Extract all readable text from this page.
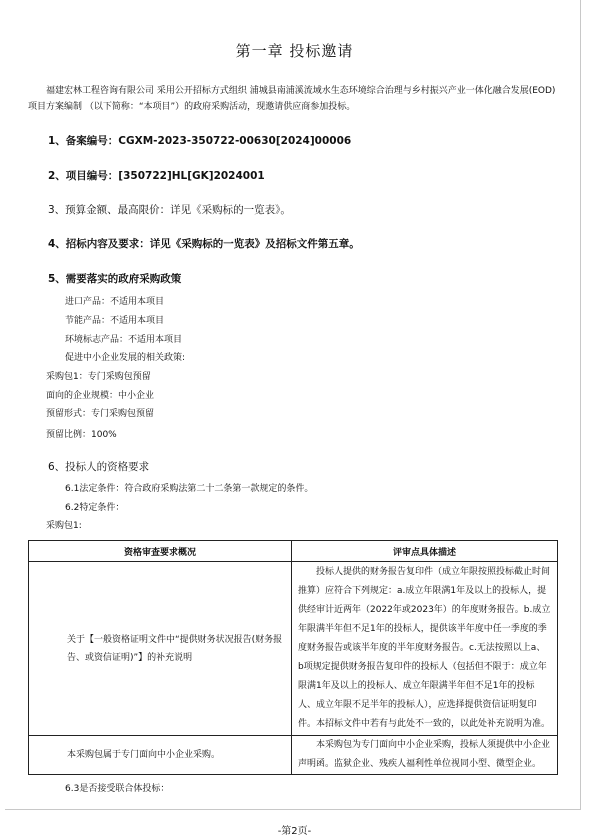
第一章 投标邀请
福建宏林工程咨询有限公司 采用公开招标方式组织 浦城县南浦溪流域水生态环境综合治理与乡村振兴产业一体化融合发展(EOD)项目方案编制 （以下简称：“本项目”）的政府采购活动，现邀请供应商参加投标。
1、备案编号：CGXM-2023-350722-00630[2024]00006
2、项目编号：[350722]HL[GK]2024001
3、预算金额、最高限价：详见《采购标的一览表》。
4、招标内容及要求：详见《采购标的一览表》及招标文件第五章。
5、需要落实的政府采购政策
进口产品：不适用本项目
节能产品：不适用本项目
环境标志产品：不适用本项目
促进中小企业发展的相关政策:
采购包1：专门采购包预留
面向的企业规模：中小企业
预留形式：专门采购包预留
预留比例：100%
6、投标人的资格要求
6.1法定条件：符合政府采购法第二十二条第一款规定的条件。
6.2特定条件：
采购包1:
资格审查要求概况	评审点具体描述
关于【一般资格证明文件中“提供财务状况报告(财务报告、或资信证明)”】的补充说明	投标人提供的财务报告复印件（成立年限按照投标截止时间推算）应符合下列规定：a.成立年限满1年及以上的投标人，提供经审计近两年（2022年或2023年）的年度财务报告。b.成立年限满半年但不足1年的投标人，提供该半年度中任一季度的季度财务报告或该半年度的半年度财务报告。c.无法按照以上a、b项规定提供财务报告复印件的投标人（包括但不限于：成立年限满1年及以上的投标人、成立年限满半年但不足1年的投标人、成立年限不足半年的投标人），应选择提供资信证明复印件。本招标文件中若有与此处不一致的，以此处补充说明为准。
本采购包属于专门面向中小企业采购。	本采购包为专门面向中小企业采购，投标人须提供中小企业声明函。监狱企业、残疾人福利性单位视同小型、微型企业。
6.3是否接受联合体投标：
-第2页-
